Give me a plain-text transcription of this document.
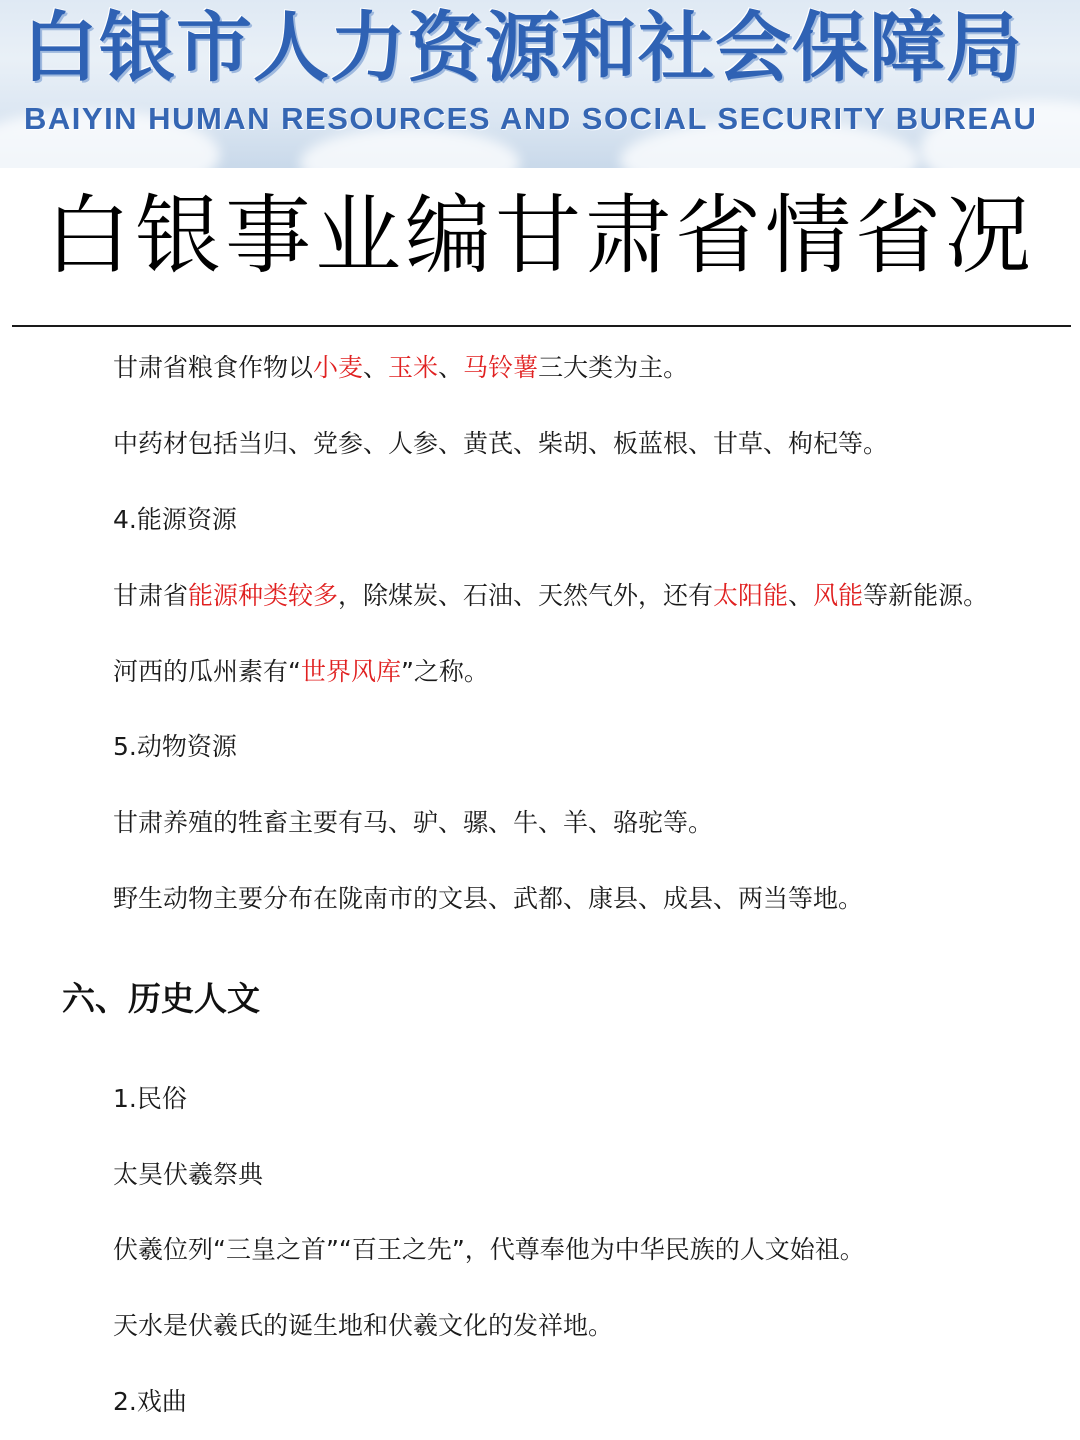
白银市人力资源和社会保障局
BAIYIN HUMAN RESOURCES AND SOCIAL SECURITY BUREAU
白银事业编甘肃省情省况
甘肃省粮食作物以小麦、玉米、马铃薯三大类为主。
中药材包括当归、党参、人参、黄芪、柴胡、板蓝根、甘草、枸杞等。
4.能源资源
甘肃省能源种类较多，除煤炭、石油、天然气外，还有太阳能、风能等新能源。
河西的瓜州素有“世界风库”之称。
5.动物资源
甘肃养殖的牲畜主要有马、驴、骡、牛、羊、骆驼等。
野生动物主要分布在陇南市的文县、武都、康县、成县、两当等地。
六、历史人文
1.民俗
太昊伏羲祭典
伏羲位列“三皇之首”“百王之先”，代尊奉他为中华民族的人文始祖。
天水是伏羲氏的诞生地和伏羲文化的发祥地。
2.戏曲
